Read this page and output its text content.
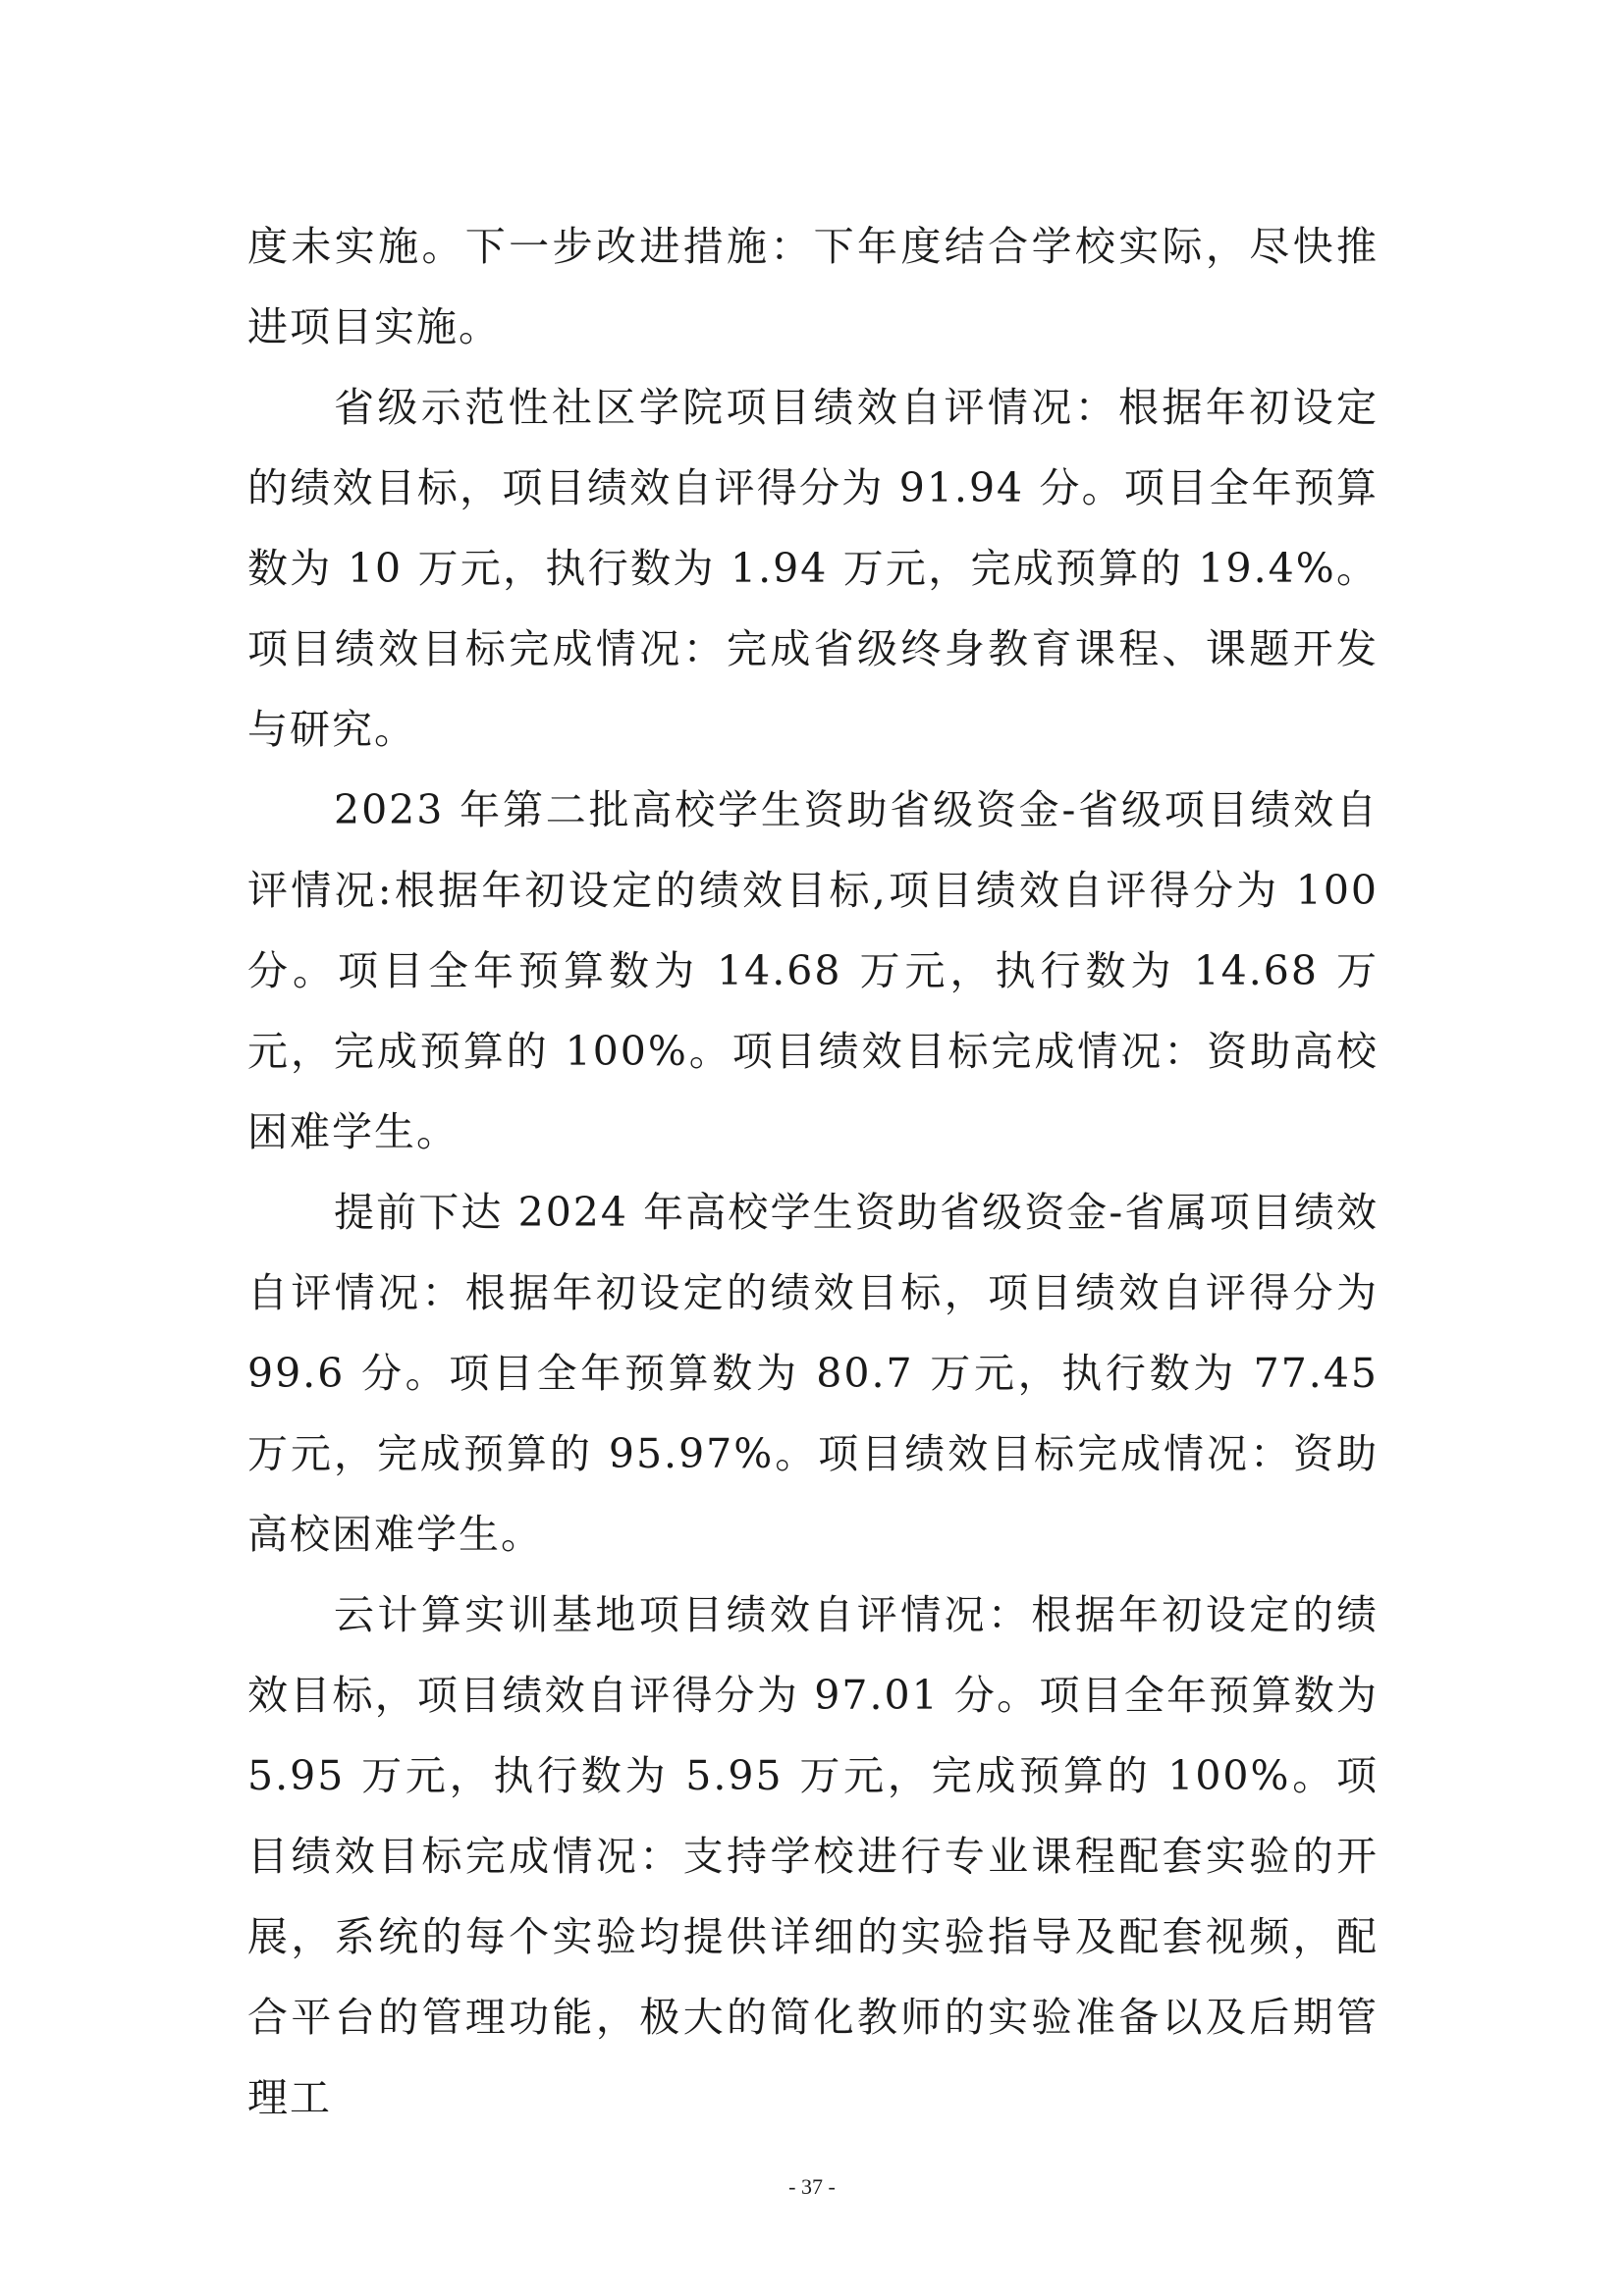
度未实施。下一步改进措施：下年度结合学校实际，尽快推进项目实施。

省级示范性社区学院项目绩效自评情况：根据年初设定的绩效目标，项目绩效自评得分为 91.94 分。项目全年预算数为 10 万元，执行数为 1.94 万元，完成预算的 19.4%。项目绩效目标完成情况：完成省级终身教育课程、课题开发与研究。

2023 年第二批高校学生资助省级资金-省级项目绩效自评情况:根据年初设定的绩效目标,项目绩效自评得分为 100 分。项目全年预算数为 14.68 万元，执行数为 14.68 万元，完成预算的 100%。项目绩效目标完成情况：资助高校困难学生。

提前下达 2024 年高校学生资助省级资金-省属项目绩效自评情况：根据年初设定的绩效目标，项目绩效自评得分为 99.6 分。项目全年预算数为 80.7 万元，执行数为 77.45 万元，完成预算的 95.97%。项目绩效目标完成情况：资助高校困难学生。

云计算实训基地项目绩效自评情况：根据年初设定的绩效目标，项目绩效自评得分为 97.01 分。项目全年预算数为 5.95 万元，执行数为 5.95 万元，完成预算的 100%。项目绩效目标完成情况：支持学校进行专业课程配套实验的开展，系统的每个实验均提供详细的实验指导及配套视频，配合平台的管理功能，极大的简化教师的实验准备以及后期管理工

- 37 -
